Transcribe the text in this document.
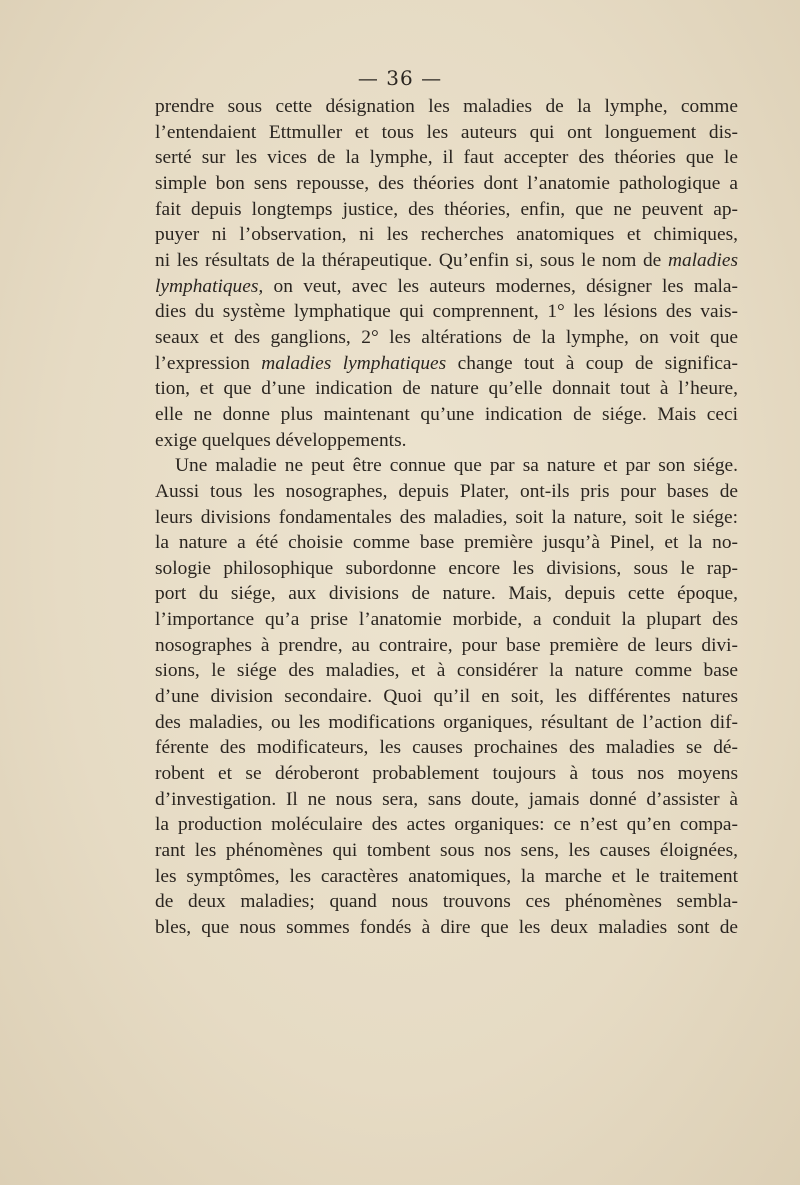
— 36 —
prendre sous cette désignation les maladies de la lymphe, comme
l’entendaient Ettmuller et tous les auteurs qui ont longuement dis-
serté sur les vices de la lymphe, il faut accepter des théories que le
simple bon sens repousse, des théories dont l’anatomie pathologique a
fait depuis longtemps justice, des théories, enfin, que ne peuvent ap-
puyer ni l’observation, ni les recherches anatomiques et chimiques,
ni les résultats de la thérapeutique. Qu’enfin si, sous le nom de maladies
lymphatiques, on veut, avec les auteurs modernes, désigner les mala-
dies du système lymphatique qui comprennent, 1° les lésions des vais-
seaux et des ganglions, 2° les altérations de la lymphe, on voit que
l’expression maladies lymphatiques change tout à coup de significa-
tion, et que d’une indication de nature qu’elle donnait tout à l’heure,
elle ne donne plus maintenant qu’une indication de siége. Mais ceci
exige quelques développements.
Une maladie ne peut être connue que par sa nature et par son siége.
Aussi tous les nosographes, depuis Plater, ont-ils pris pour bases de
leurs divisions fondamentales des maladies, soit la nature, soit le siége:
la nature a été choisie comme base première jusqu’à Pinel, et la no-
sologie philosophique subordonne encore les divisions, sous le rap-
port du siége, aux divisions de nature. Mais, depuis cette époque,
l’importance qu’a prise l’anatomie morbide, a conduit la plupart des
nosographes à prendre, au contraire, pour base première de leurs divi-
sions, le siége des maladies, et à considérer la nature comme base
d’une division secondaire. Quoi qu’il en soit, les différentes natures
des maladies, ou les modifications organiques, résultant de l’action dif-
férente des modificateurs, les causes prochaines des maladies se dé-
robent et se déroberont probablement toujours à tous nos moyens
d’investigation. Il ne nous sera, sans doute, jamais donné d’assister à
la production moléculaire des actes organiques: ce n’est qu’en compa-
rant les phénomènes qui tombent sous nos sens, les causes éloignées,
les symptômes, les caractères anatomiques, la marche et le traitement
de deux maladies; quand nous trouvons ces phénomènes sembla-
bles, que nous sommes fondés à dire que les deux maladies sont de
